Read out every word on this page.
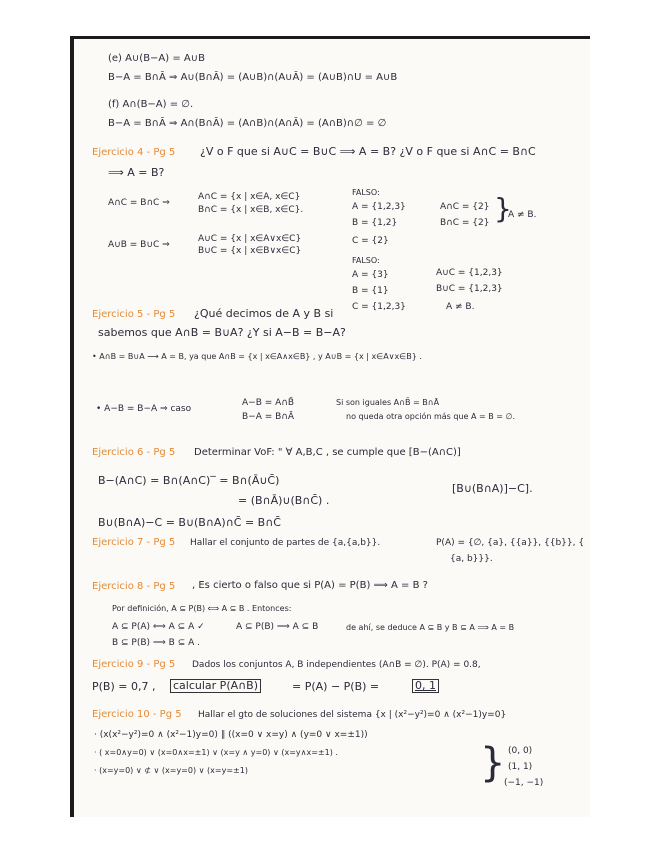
(e) A∪(B−A) = A∪B
B−A = B∩Ā ⇒ A∪(B∩Ā) = (A∪B)∩(A∪Ā) = (A∪B)∩U = A∪B
(f) A∩(B−A) = ∅.
B−A = B∩Ā ⇒ A∩(B∩Ā) = (A∩B)∩(A∩Ā) = (A∩B)∩∅ = ∅
Ejercicio 4 - Pg 5 ¿V o F que si A∪C = B∪C ⟹ A = B? ¿V o F que si A∩C = B∩C
⟹ A = B?
A∩C = B∩C ⇒
A∩C = {x | x∈A, x∈C}
B∩C = {x | x∈B, x∈C}.
FALSO:
A = {1,2,3}	A∩C = {2}
B = {1,2}	B∩C = {2} }
A ≠ B.
A∪B = B∪C ⇒
A∪C = {x | x∈A∨x∈C}
B∪C = {x | x∈B∨x∈C}
C = {2}
FALSO:
A = {3}	A∪C = {1,2,3}
B = {1}	B∪C = {1,2,3}
C = {1,2,3}	A ≠ B.
Ejercicio 5 - Pg 5 ¿Qué decimos de A y B si
sabemos que A∩B = B∪A? ¿Y si A−B = B−A?
• A∩B = B∪A ⟶ A = B, ya que A∩B = {x | x∈A∧x∈B} , y A∪B = {x | x∈A∨x∈B} .
• A−B = B−A ⇒ caso
A−B = A∩B̄	Si son iguales A∩B̄ = B∩Ā
B−A = B∩Ā	no queda otra opción más que A = B = ∅.
Ejercicio 6 - Pg 5 Determinar VoF: " ∀ A,B,C , se cumple que [B−(A∩C)]
B−(A∩C) = B∩(A∩C)‾ = B∩(Ā∪C̄)
[B∪(B∩A)]−C].
= (B∩Ā)∪(B∩C̄) .
B∪(B∩A)−C = B∪(B∩A)∩C̄ = B∩C̄
Ejercicio 7 - Pg 5 Hallar el conjunto de partes de {a,{a,b}}.	P(A) = {∅, {a}, {{a}}, {{b}}, {
{a, b}}}.
Ejercicio 8 - Pg 5 , Es cierto o falso que si P(A) = P(B) ⟹ A = B ?
Por definición, A ⊆ P(B) ⟺ A ⊆ B . Entonces:
A ⊆ P(A) ⟺ A ⊆ A ✓	A ⊆ P(B) ⟹ A ⊆ B	de ahí, se deduce A ⊆ B y B ⊆ A ⟹ A = B
B ⊆ P(B) ⟹ B ⊆ A .
Ejercicio 9 - Pg 5 Dados los conjuntos A, B independientes (A∩B = ∅). P(A) = 0.8,
P(B) = 0,7 , calcular P(A∩B̄)	= P(A) − P(B) =	0, 1
Ejercicio 10 - Pg 5 Hallar el gto de soluciones del sistema {x | (x²−y²)=0 ∧ (x²−1)y=0}
· (x(x²−y²)=0 ∧ (x²−1)y=0) ∥ ((x=0 ∨ x=y) ∧ (y=0 ∨ x=±1))
· ( x=0∧y=0) ∨ (x=0∧x=±1) ∨ (x=y ∧ y=0) ∨ (x=y∧x=±1) .
· (x=y=0) ∨ ⊄ ∨ (x=y=0) ∨ (x=y=±1)	} (0, 0)
(1, 1)
(−1, −1)
